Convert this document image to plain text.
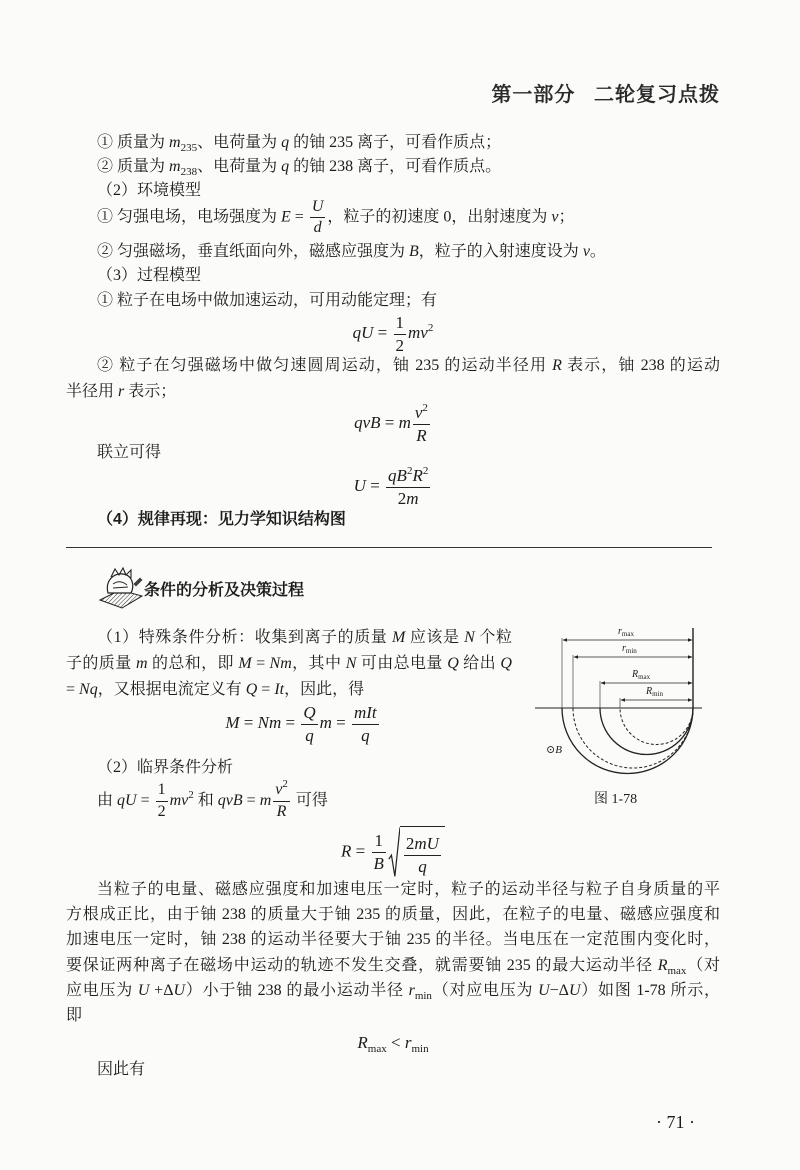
第一部分 二轮复习点拨
① 质量为 $m_{235}$、电荷量为 q 的铀 235 离子，可看作质点；
② 质量为 $m_{238}$、电荷量为 q 的铀 238 离子，可看作质点。
（2）环境模型
① 匀强电场，电场强度为 $E = \frac{U}{d}$ ，粒子的初速度 0，出射速度为 v；
② 匀强磁场，垂直纸面向外，磁感应强度为 B，粒子的入射速度设为 v。
（3）过程模型
① 粒子在电场中做加速运动，可用动能定理；有
qU = $\frac{1}{2} mv^2$
② 粒子在匀强磁场中做匀速圆周运动，铀 235 的运动半径用 R 表示，铀 238 的运动
半径用 r 表示；
qvB = m $\frac{v^2}{R}$
联立可得
$U = \frac{qB^2R^2}{2m}$
（4）规律再现：见力学知识结构图
条件的分析及决策过程
（1）特殊条件分析：收集到离子的质量 M 应该是 N 个粒
子的质量 m 的总和，即 M = Nm，其中 N 可由总电量 Q 给出 Q
= Nq，又根据电流定义有 Q = It，因此，得
$M = Nm = \frac{Q}{q}$ $m = \frac{\text{mIt}}{q}$
（2）临界条件分析
由 qU = $\frac{1}{2} mv^2$ 和 qvB = m $\frac{v^2}{R}$ 可得
$R = \frac{1}{B} \frac{2mU}{q}$
$r_{max}$
$r_{min}$
$R_{max}$
$R_{min}$
⊙B
图 1-78
当粒子的电量、磁感应强度和加速电压一定时，粒子的运动半径与粒子自身质量的平
方根成正比，由于铀 238 的质量大于铀 235 的质量，因此，在粒子的电量、磁感应强度和
加速电压一定时，铀 238 的运动半径要大于铀 235 的半径。当电压在一定范围内变化时，
要保证两种离子在磁场中运动的轨迹不发生交叠，就需要铀 235 的最大运动半径 $R_{max}$（对
应电压为 U +ΔU）小于铀 238 的最小运动半径 $r_{min}$（对应电压为 U−ΔU）如图 1-78 所示，
即
$R_{max} < r_{min}$
因此有
· 71 ·
